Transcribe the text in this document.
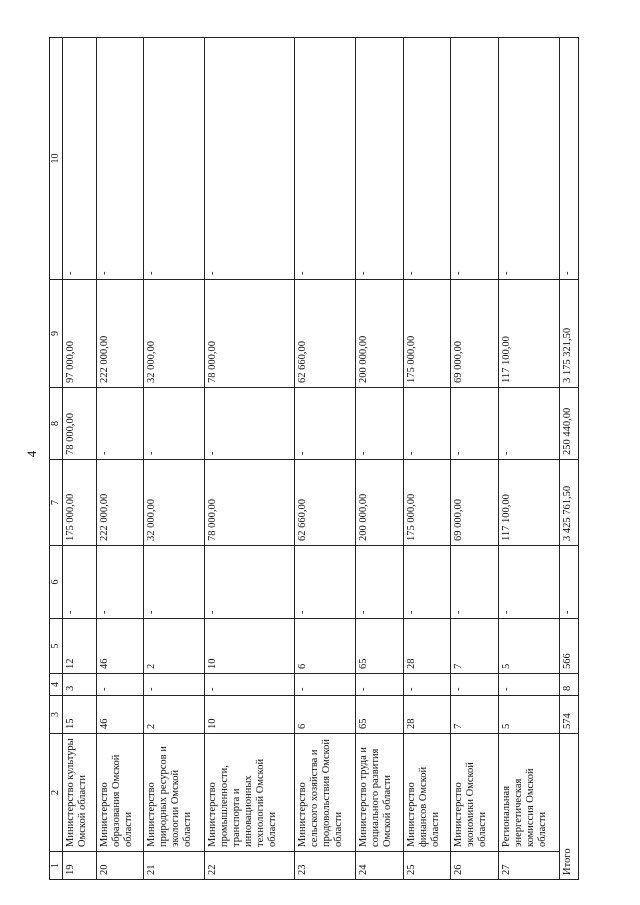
4
1	2	3	4	5	6	7	8	9	10
19	Министерство культуры Омской области	15	3	12	-	175 000,00	78 000,00	97 000,00	-
20	Министерство образования Омской области	46	-	46	-	222 000,00	-	222 000,00	-
21	Министерство природных ресурсов и экологии Омской области	2	-	2	-	32 000,00	-	32 000,00	-
22	Министерство промышленности, транспорта и инновационных технологий Омской области	10	-	10	-	78 000,00	-	78 000,00	-
23	Министерство сельского хозяйства и продовольствия Омской области	6	-	6	-	62 660,00	-	62 660,00	-
24	Министерство труда и социального развития Омской области	65	-	65	-	200 000,00	-	200 000,00	-
25	Министерство финансов Омской области	28	-	28	-	175 000,00	-	175 000,00	-
26	Министерство экономики Омской области	7	-	7	-	69 000,00	-	69 000,00	-
27	Региональная энергетическая комиссия Омской области	5	-	5	-	117 100,00	-	117 100,00	-
Итого		574	8	566	-	3 425 761,50	250 440,00	3 175 321,50	-
